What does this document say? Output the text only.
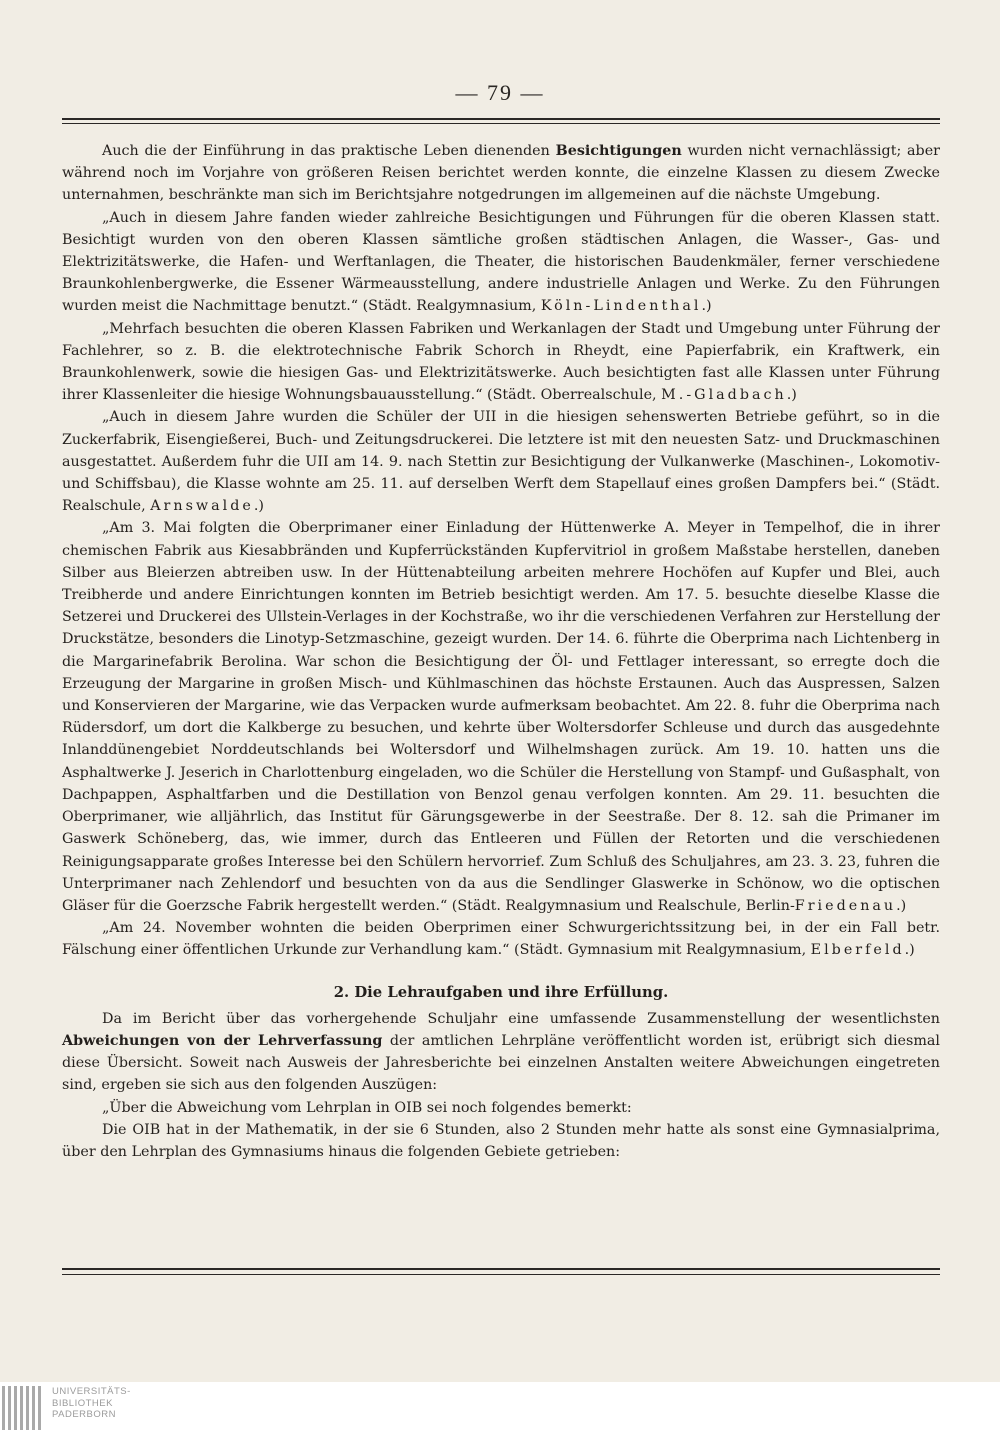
— 79 —

Auch die der Einführung in das praktische Leben dienenden Besichtigungen wurden nicht vernachlässigt; aber während noch im Vorjahre von größeren Reisen berichtet werden konnte, die einzelne Klassen zu diesem Zwecke unternahmen, beschränkte man sich im Berichtsjahre notgedrungen im allgemeinen auf die nächste Umgebung.

„Auch in diesem Jahre fanden wieder zahlreiche Besichtigungen und Führungen für die oberen Klassen statt. Besichtigt wurden von den oberen Klassen sämtliche großen städtischen Anlagen, die Wasser-, Gas- und Elektrizitätswerke, die Hafen- und Werftanlagen, die Theater, die historischen Baudenkmäler, ferner verschiedene Braunkohlenbergwerke, die Essener Wärmeausstellung, andere industrielle Anlagen und Werke. Zu den Führungen wurden meist die Nachmittage benutzt.“ (Städt. Realgymnasium, Köln-Lindenthal.)

„Mehrfach besuchten die oberen Klassen Fabriken und Werkanlagen der Stadt und Umgebung unter Führung der Fachlehrer, so z. B. die elektrotechnische Fabrik Schorch in Rheydt, eine Papierfabrik, ein Kraftwerk, ein Braunkohlenwerk, sowie die hiesigen Gas- und Elektrizitätswerke. Auch besichtigten fast alle Klassen unter Führung ihrer Klassenleiter die hiesige Wohnungsbauausstellung.“ (Städt. Oberrealschule, M.-Gladbach.)

„Auch in diesem Jahre wurden die Schüler der UII in die hiesigen sehenswerten Betriebe geführt, so in die Zuckerfabrik, Eisengießerei, Buch- und Zeitungsdruckerei. Die letztere ist mit den neuesten Satz- und Druckmaschinen ausgestattet. Außerdem fuhr die UII am 14. 9. nach Stettin zur Besichtigung der Vulkanwerke (Maschinen-, Lokomotiv- und Schiffsbau), die Klasse wohnte am 25. 11. auf derselben Werft dem Stapellauf eines großen Dampfers bei.“ (Städt. Realschule, Arnswalde.)

„Am 3. Mai folgten die Oberprimaner einer Einladung der Hüttenwerke A. Meyer in Tempelhof, die in ihrer chemischen Fabrik aus Kiesabbränden und Kupferrückständen Kupfervitriol in großem Maßstabe herstellen, daneben Silber aus Bleierzen abtreiben usw. In der Hüttenabteilung arbeiten mehrere Hochöfen auf Kupfer und Blei, auch Treibherde und andere Einrichtungen konnten im Betrieb besichtigt werden. Am 17. 5. besuchte dieselbe Klasse die Setzerei und Druckerei des Ullstein-Verlages in der Kochstraße, wo ihr die verschiedenen Verfahren zur Herstellung der Druckstätze, besonders die Linotyp-Setzmaschine, gezeigt wurden. Der 14. 6. führte die Oberprima nach Lichtenberg in die Margarinefabrik Berolina. War schon die Besichtigung der Öl- und Fettlager interessant, so erregte doch die Erzeugung der Margarine in großen Misch- und Kühlmaschinen das höchste Erstaunen. Auch das Auspressen, Salzen und Konservieren der Margarine, wie das Verpacken wurde aufmerksam beobachtet. Am 22. 8. fuhr die Oberprima nach Rüdersdorf, um dort die Kalkberge zu besuchen, und kehrte über Woltersdorfer Schleuse und durch das ausgedehnte Inlanddünengebiet Norddeutschlands bei Woltersdorf und Wilhelmshagen zurück. Am 19. 10. hatten uns die Asphaltwerke J. Jeserich in Charlottenburg eingeladen, wo die Schüler die Herstellung von Stampf- und Gußasphalt, von Dachpappen, Asphaltfarben und die Destillation von Benzol genau verfolgen konnten. Am 29. 11. besuchten die Oberprimaner, wie alljährlich, das Institut für Gärungsgewerbe in der Seestraße. Der 8. 12. sah die Primaner im Gaswerk Schöneberg, das, wie immer, durch das Entleeren und Füllen der Retorten und die verschiedenen Reinigungsapparate großes Interesse bei den Schülern hervorrief. Zum Schluß des Schuljahres, am 23. 3. 23, fuhren die Unterprimaner nach Zehlendorf und besuchten von da aus die Sendlinger Glaswerke in Schönow, wo die optischen Gläser für die Goerzsche Fabrik hergestellt werden.“ (Städt. Realgymnasium und Realschule, Berlin-Friedenau.)

„Am 24. November wohnten die beiden Oberprimen einer Schwurgerichtssitzung bei, in der ein Fall betr. Fälschung einer öffentlichen Urkunde zur Verhandlung kam.“ (Städt. Gymnasium mit Realgymnasium, Elberfeld.)

2. Die Lehraufgaben und ihre Erfüllung.

Da im Bericht über das vorhergehende Schuljahr eine umfassende Zusammenstellung der wesentlichsten Abweichungen von der Lehrverfassung der amtlichen Lehrpläne veröffentlicht worden ist, erübrigt sich diesmal diese Übersicht. Soweit nach Ausweis der Jahresberichte bei einzelnen Anstalten weitere Abweichungen eingetreten sind, ergeben sie sich aus den folgenden Auszügen:

„Über die Abweichung vom Lehrplan in OIB sei noch folgendes bemerkt:

Die OIB hat in der Mathematik, in der sie 6 Stunden, also 2 Stunden mehr hatte als sonst eine Gymnasialprima, über den Lehrplan des Gymnasiums hinaus die folgenden Gebiete getrieben:

UNIVERSITÄTS-
BIBLIOTHEK
PADERBORN
